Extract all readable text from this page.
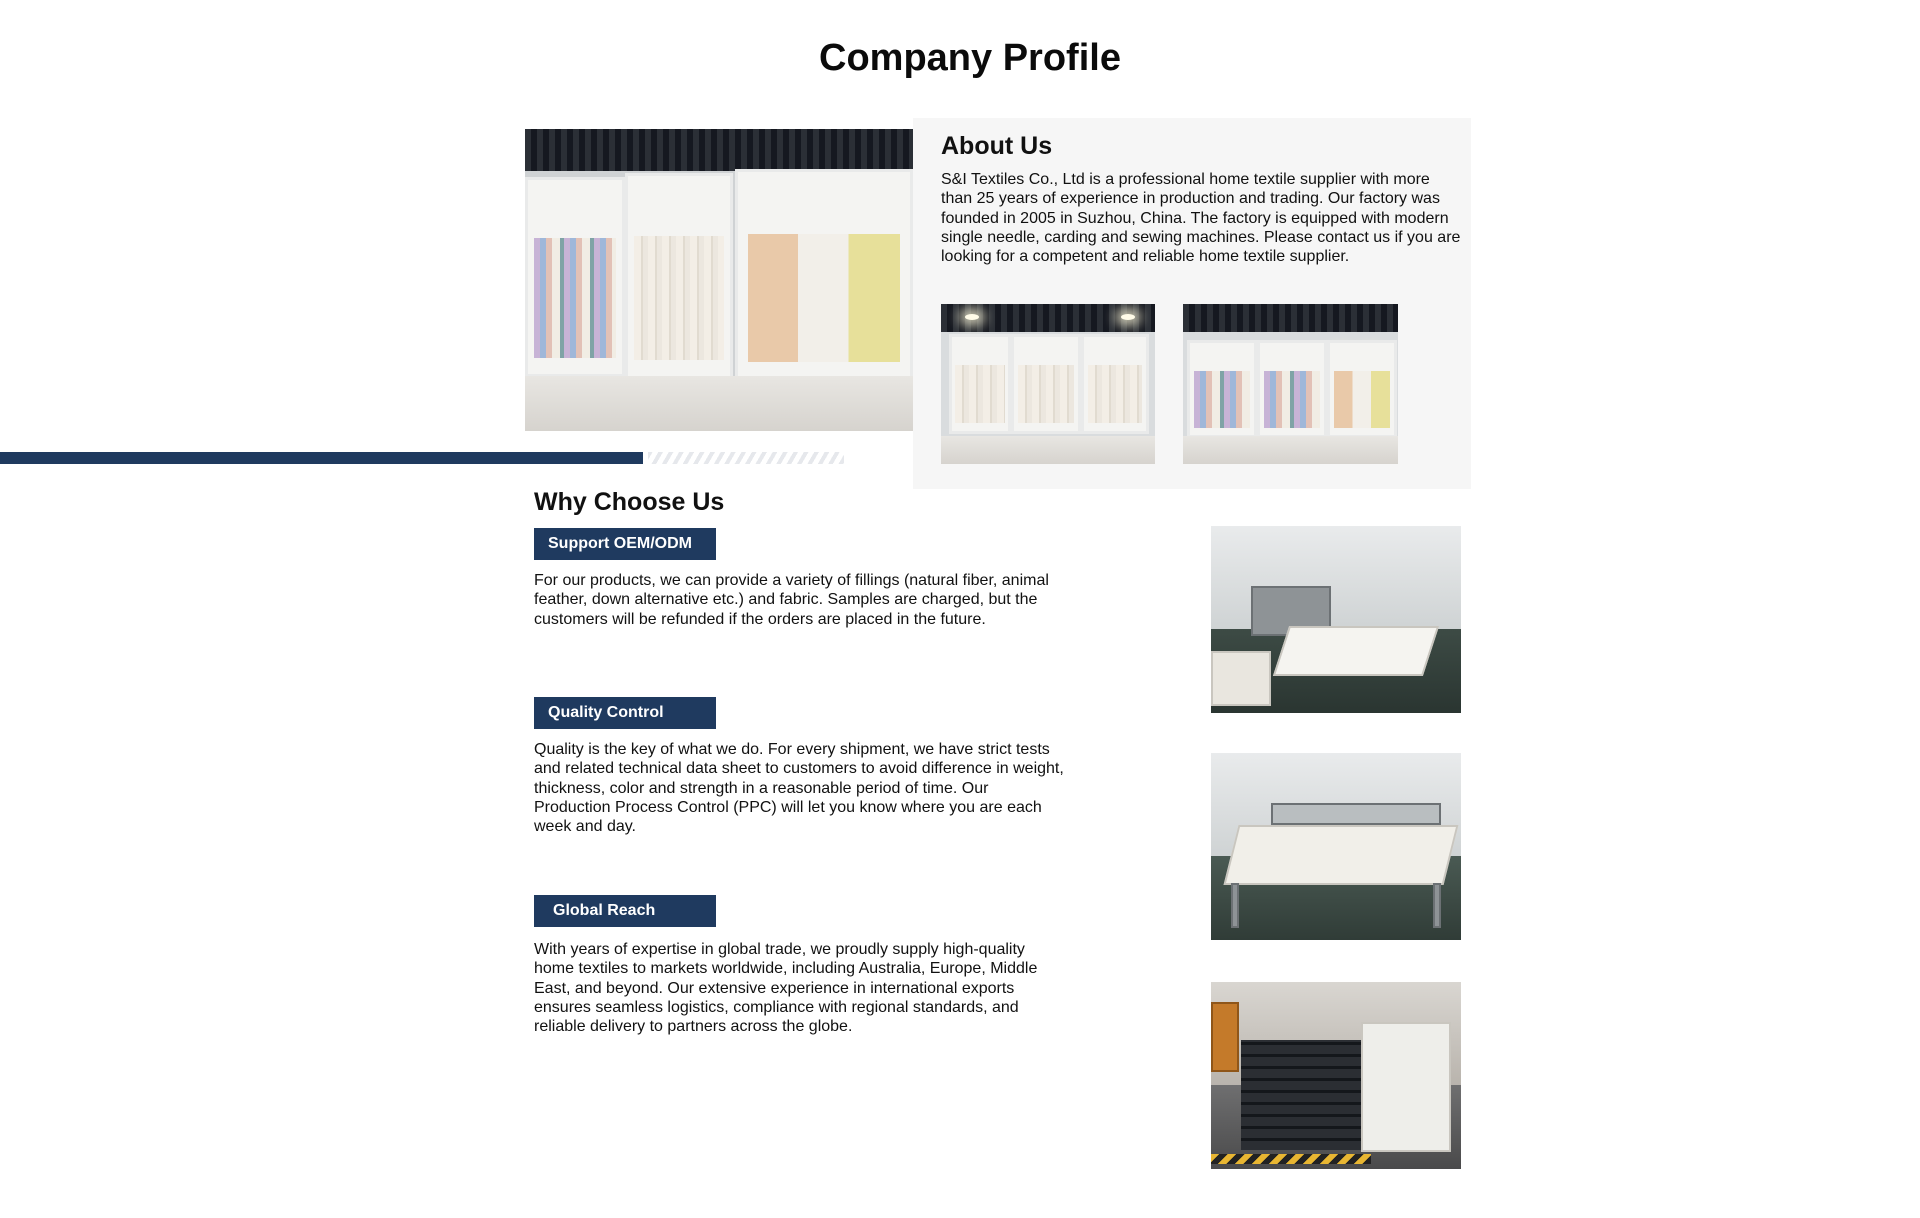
Company Profile
About Us

S&I Textiles Co., Ltd is a professional home textile supplier with more than 25 years of experience in production and trading. Our factory was founded in 2005 in Suzhou, China. The factory is equipped with modern single needle, carding and sewing machines. Please contact us if you are looking for a competent and reliable home textile supplier.

Why Choose Us
Support OEM/ODM

For our products, we can provide a variety of fillings (natural fiber, animal feather, down alternative etc.) and fabric. Samples are charged, but the customers will be refunded if the orders are placed in the future.

Quality Control

Quality is the key of what we do. For every shipment, we have strict tests and related technical data sheet to customers to avoid difference in weight, thickness, color and strength in a reasonable period of time. Our Production Process Control (PPC) will let you know where you are each week and day.

Global Reach

With years of expertise in global trade, we proudly supply high-quality home textiles to markets worldwide, including Australia, Europe, Middle East, and beyond. Our extensive experience in international exports ensures seamless logistics, compliance with regional standards, and reliable delivery to partners across the globe.
